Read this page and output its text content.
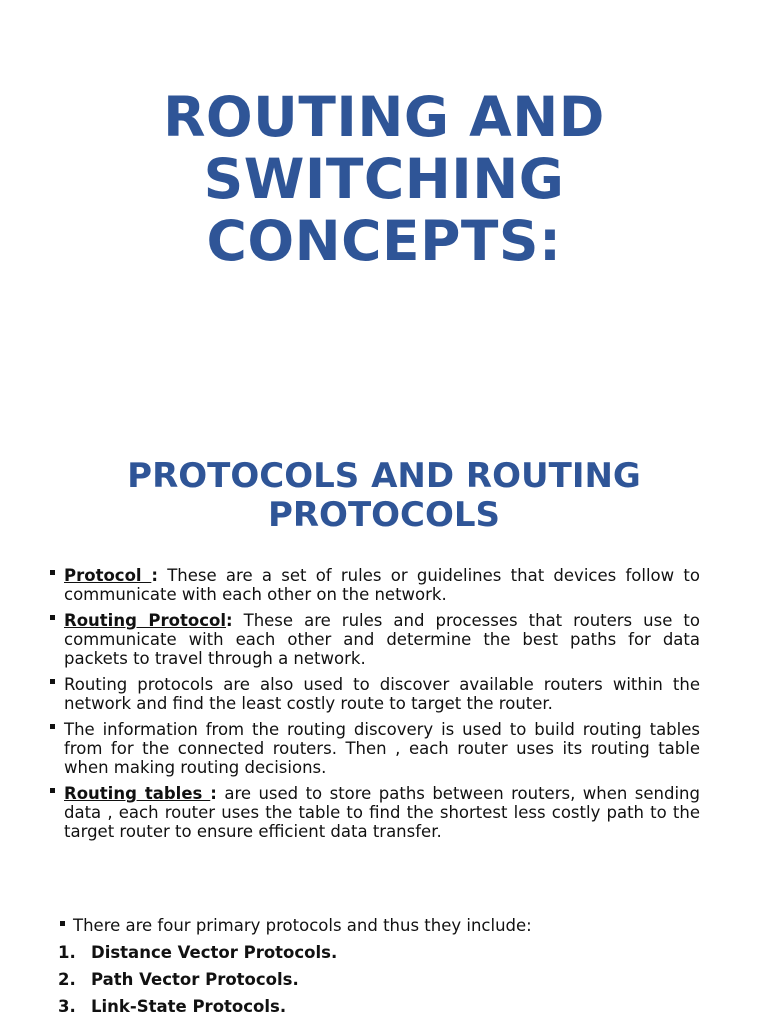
ROUTING AND
SWITCHING
CONCEPTS:
PROTOCOLS AND ROUTING
PROTOCOLS
Protocol : These are a set of rules or guidelines that devices follow to communicate with each other on the network.
Routing Protocol: These are rules and processes that routers use to communicate with each other and determine the best paths for data packets to travel through a network.
Routing protocols are also used to discover available routers within the network and find the least costly route to target the router.
The information from the routing discovery is used to build routing tables from for the connected routers. Then , each router uses its routing table when making routing decisions.
Routing tables : are used to store paths between routers, when sending data , each router uses the table to find the shortest less costly path to the target router to ensure efficient data transfer.
There are four primary protocols and thus they include:
1. Distance Vector Protocols.
2. Path Vector Protocols.
3. Link-State Protocols.
